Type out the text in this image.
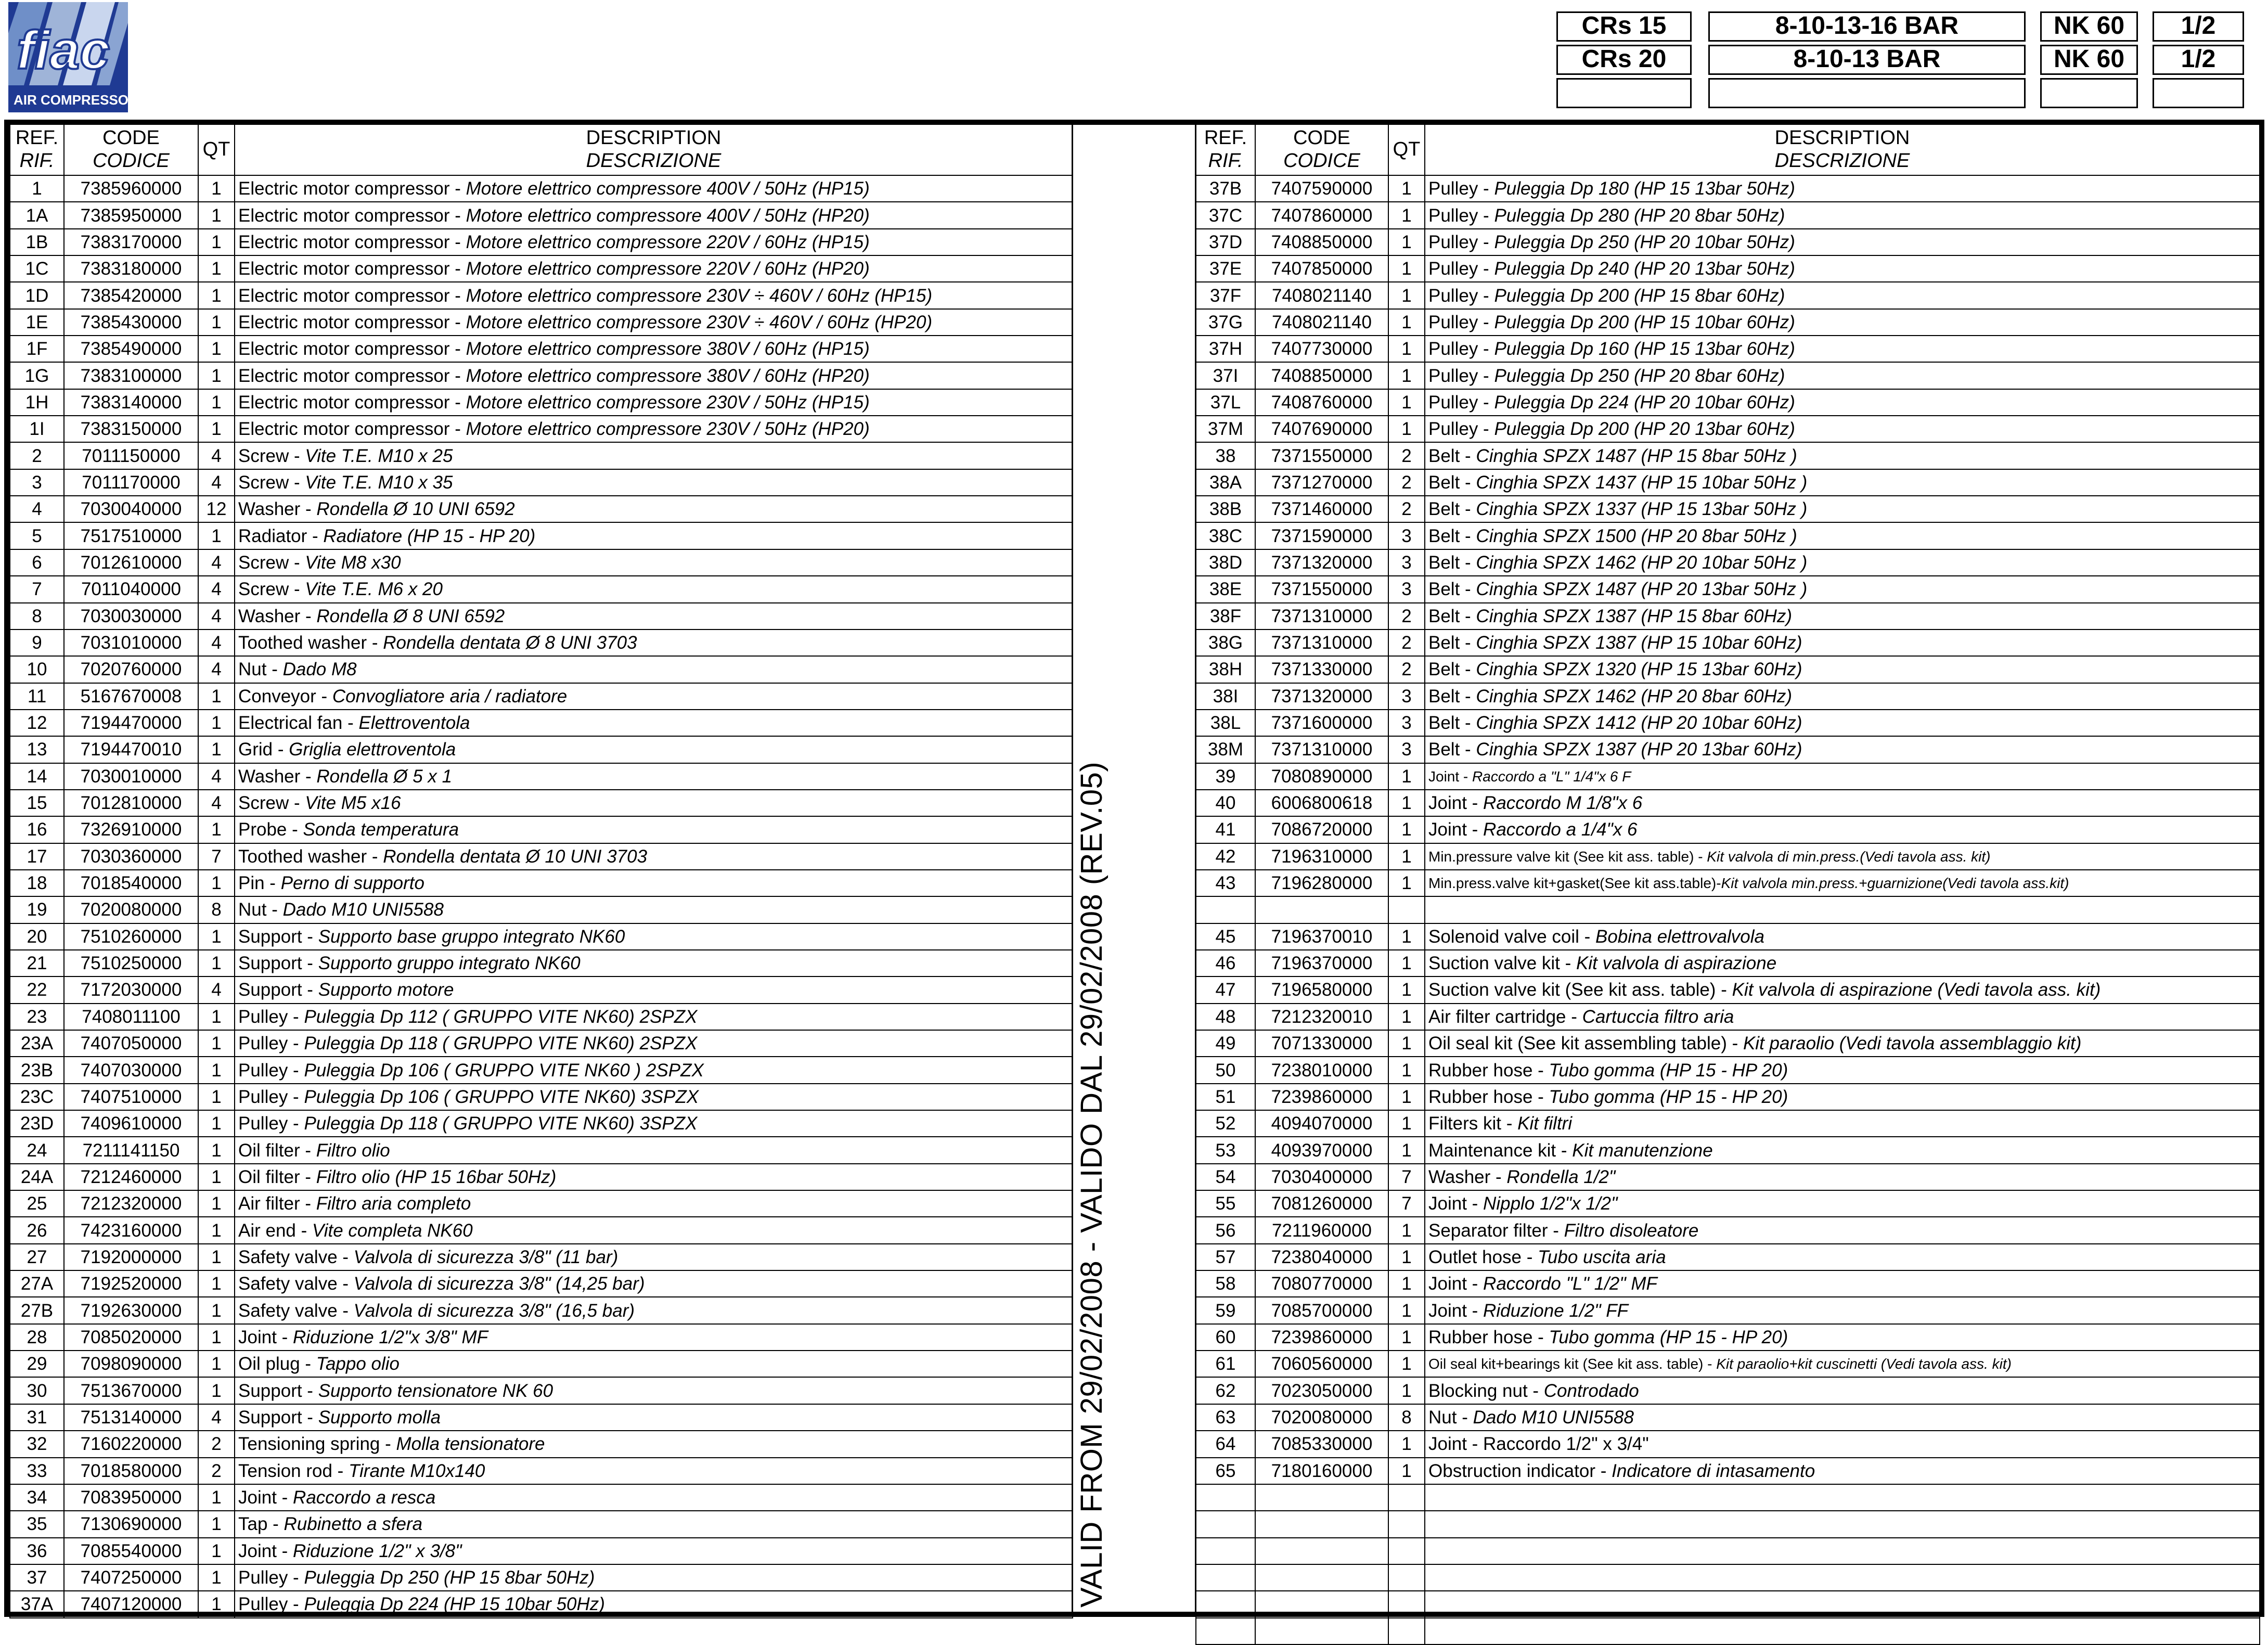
fiac
AIR COMPRESSORS
CRs 15	8-10-13-16 BAR	NK 60	1/2
CRs 20	8-10-13 BAR	NK 60	1/2
REF.
RIF.	CODE
CODICE	QT	DESCRIPTION
DESCRIZIONE
1	7385960000	1	Electric motor compressor - Motore elettrico compressore 400V / 50Hz (HP15)
1A	7385950000	1	Electric motor compressor - Motore elettrico compressore 400V / 50Hz (HP20)
1B	7383170000	1	Electric motor compressor - Motore elettrico compressore 220V / 60Hz (HP15)
1C	7383180000	1	Electric motor compressor - Motore elettrico compressore 220V / 60Hz (HP20)
1D	7385420000	1	Electric motor compressor - Motore elettrico compressore 230V ÷ 460V / 60Hz (HP15)
1E	7385430000	1	Electric motor compressor - Motore elettrico compressore 230V ÷ 460V / 60Hz (HP20)
1F	7385490000	1	Electric motor compressor - Motore elettrico compressore 380V / 60Hz (HP15)
1G	7383100000	1	Electric motor compressor - Motore elettrico compressore 380V / 60Hz (HP20)
1H	7383140000	1	Electric motor compressor - Motore elettrico compressore 230V / 50Hz (HP15)
1I	7383150000	1	Electric motor compressor - Motore elettrico compressore 230V / 50Hz (HP20)
2	7011150000	4	Screw - Vite T.E. M10 x 25
3	7011170000	4	Screw - Vite T.E. M10 x 35
4	7030040000	12	Washer - Rondella Ø 10 UNI 6592
5	7517510000	1	Radiator - Radiatore (HP 15 - HP 20)
6	7012610000	4	Screw - Vite M8 x30
7	7011040000	4	Screw - Vite T.E. M6 x 20
8	7030030000	4	Washer - Rondella Ø 8 UNI 6592
9	7031010000	4	Toothed washer - Rondella dentata Ø 8 UNI 3703
10	7020760000	4	Nut - Dado M8
11	5167670008	1	Conveyor - Convogliatore aria / radiatore
12	7194470000	1	Electrical fan - Elettroventola
13	7194470010	1	Grid - Griglia elettroventola
14	7030010000	4	Washer - Rondella Ø 5 x 1
15	7012810000	4	Screw - Vite M5 x16
16	7326910000	1	Probe - Sonda temperatura
17	7030360000	7	Toothed washer - Rondella dentata Ø 10 UNI 3703
18	7018540000	1	Pin - Perno di supporto
19	7020080000	8	Nut - Dado M10 UNI5588
20	7510260000	1	Support - Supporto base gruppo integrato NK60
21	7510250000	1	Support - Supporto gruppo integrato NK60
22	7172030000	4	Support - Supporto motore
23	7408011100	1	Pulley - Puleggia Dp 112 ( GRUPPO VITE NK60) 2SPZX
23A	7407050000	1	Pulley - Puleggia Dp 118 ( GRUPPO VITE NK60) 2SPZX
23B	7407030000	1	Pulley - Puleggia Dp 106 ( GRUPPO VITE NK60 ) 2SPZX
23C	7407510000	1	Pulley - Puleggia Dp 106 ( GRUPPO VITE NK60) 3SPZX
23D	7409610000	1	Pulley - Puleggia Dp 118 ( GRUPPO VITE NK60) 3SPZX
24	7211141150	1	Oil filter - Filtro olio
24A	7212460000	1	Oil filter - Filtro olio (HP 15 16bar 50Hz)
25	7212320000	1	Air filter - Filtro aria completo
26	7423160000	1	Air end - Vite completa NK60
27	7192000000	1	Safety valve - Valvola di sicurezza 3/8" (11 bar)
27A	7192520000	1	Safety valve - Valvola di sicurezza 3/8" (14,25 bar)
27B	7192630000	1	Safety valve - Valvola di sicurezza 3/8" (16,5 bar)
28	7085020000	1	Joint - Riduzione 1/2"x 3/8" MF
29	7098090000	1	Oil plug - Tappo olio
30	7513670000	1	Support - Supporto tensionatore NK 60
31	7513140000	4	Support - Supporto molla
32	7160220000	2	Tensioning spring - Molla tensionatore
33	7018580000	2	Tension rod - Tirante M10x140
34	7083950000	1	Joint - Raccordo a resca
35	7130690000	1	Tap - Rubinetto a sfera
36	7085540000	1	Joint - Riduzione 1/2" x 3/8"
37	7407250000	1	Pulley - Puleggia Dp 250 (HP 15 8bar 50Hz)
37A	7407120000	1	Pulley - Puleggia Dp 224 (HP 15 10bar 50Hz)
REF.
RIF.	CODE
CODICE	QT	DESCRIPTION
DESCRIZIONE
37B	7407590000	1	Pulley - Puleggia Dp 180 (HP 15 13bar 50Hz)
37C	7407860000	1	Pulley - Puleggia Dp 280 (HP 20 8bar 50Hz)
37D	7408850000	1	Pulley - Puleggia Dp 250 (HP 20 10bar 50Hz)
37E	7407850000	1	Pulley - Puleggia Dp 240 (HP 20 13bar 50Hz)
37F	7408021140	1	Pulley - Puleggia Dp 200 (HP 15 8bar 60Hz)
37G	7408021140	1	Pulley - Puleggia Dp 200 (HP 15 10bar 60Hz)
37H	7407730000	1	Pulley - Puleggia Dp 160 (HP 15 13bar 60Hz)
37I	7408850000	1	Pulley - Puleggia Dp 250 (HP 20 8bar 60Hz)
37L	7408760000	1	Pulley - Puleggia Dp 224 (HP 20 10bar 60Hz)
37M	7407690000	1	Pulley - Puleggia Dp 200 (HP 20 13bar 60Hz)
38	7371550000	2	Belt - Cinghia SPZX 1487 (HP 15 8bar 50Hz )
38A	7371270000	2	Belt - Cinghia SPZX 1437 (HP 15 10bar 50Hz )
38B	7371460000	2	Belt - Cinghia SPZX 1337 (HP 15 13bar 50Hz )
38C	7371590000	3	Belt - Cinghia SPZX 1500 (HP 20 8bar 50Hz )
38D	7371320000	3	Belt - Cinghia SPZX 1462 (HP 20 10bar 50Hz )
38E	7371550000	3	Belt - Cinghia SPZX 1487 (HP 20 13bar 50Hz )
38F	7371310000	2	Belt - Cinghia SPZX 1387 (HP 15 8bar 60Hz)
38G	7371310000	2	Belt - Cinghia SPZX 1387 (HP 15 10bar 60Hz)
38H	7371330000	2	Belt - Cinghia SPZX 1320 (HP 15 13bar 60Hz)
38I	7371320000	3	Belt - Cinghia SPZX 1462 (HP 20 8bar 60Hz)
38L	7371600000	3	Belt - Cinghia SPZX 1412 (HP 20 10bar 60Hz)
38M	7371310000	3	Belt - Cinghia SPZX 1387 (HP 20 13bar 60Hz)
39	7080890000	1	Joint - Raccordo a "L" 1/4"x 6 F
40	6006800618	1	Joint - Raccordo M 1/8"x 6
41	7086720000	1	Joint - Raccordo a 1/4"x 6
42	7196310000	1	Min.pressure valve kit (See kit ass. table) - Kit valvola di min.press.(Vedi tavola ass. kit)
43	7196280000	1	Min.press.valve kit+gasket(See kit ass.table)-Kit valvola min.press.+guarnizione(Vedi tavola ass.kit)

45	7196370010	1	Solenoid valve coil - Bobina elettrovalvola
46	7196370000	1	Suction valve kit - Kit valvola di aspirazione
47	7196580000	1	Suction valve kit (See kit ass. table) - Kit valvola di aspirazione (Vedi tavola ass. kit)
48	7212320010	1	Air filter cartridge - Cartuccia filtro aria
49	7071330000	1	Oil seal kit (See kit assembling table) - Kit paraolio (Vedi tavola assemblaggio kit)
50	7238010000	1	Rubber hose - Tubo gomma (HP 15 - HP 20)
51	7239860000	1	Rubber hose - Tubo gomma (HP 15 - HP 20)
52	4094070000	1	Filters kit - Kit filtri
53	4093970000	1	Maintenance kit - Kit manutenzione
54	7030400000	7	Washer - Rondella 1/2"
55	7081260000	7	Joint - Nipplo 1/2"x 1/2"
56	7211960000	1	Separator filter - Filtro disoleatore
57	7238040000	1	Outlet hose - Tubo uscita aria
58	7080770000	1	Joint - Raccordo "L" 1/2" MF
59	7085700000	1	Joint - Riduzione 1/2" FF
60	7239860000	1	Rubber hose - Tubo gomma (HP 15 - HP 20)
61	7060560000	1	Oil seal kit+bearings kit (See kit ass. table) - Kit paraolio+kit cuscinetti (Vedi tavola ass. kit)
62	7023050000	1	Blocking nut - Controdado
63	7020080000	8	Nut - Dado M10 UNI5588
64	7085330000	1	Joint - Raccordo 1/2" x 3/4"
65	7180160000	1	Obstruction indicator - Indicatore di intasamento

VALID FROM 29/02/2008 - VALIDO DAL 29/02/2008 (REV.05)
